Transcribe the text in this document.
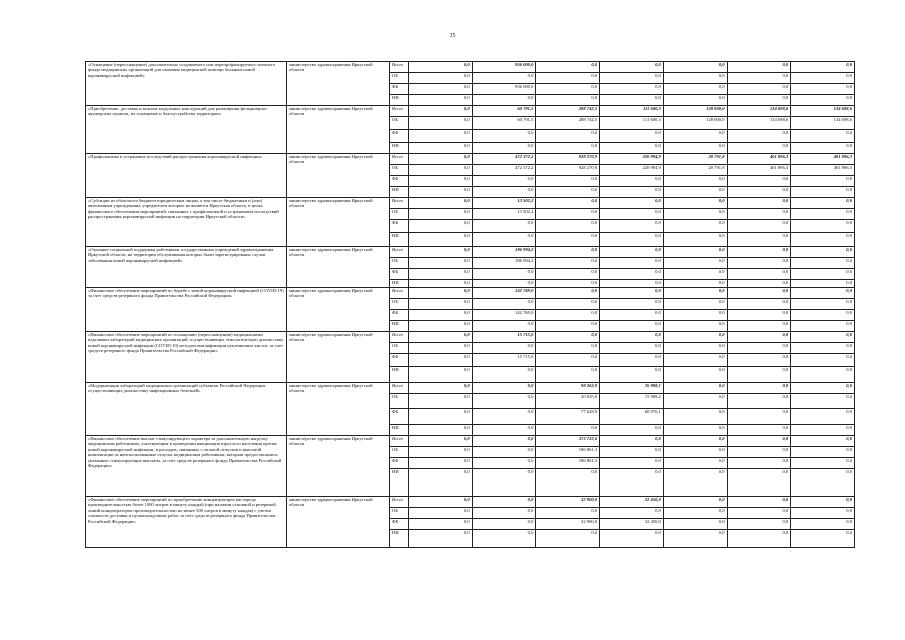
35
«Оснащение (переоснащение) дополнительно создаваемого или перепрофилируемого коечного фонда медицинских организаций для оказания медицинской помощи больным новой коронавирусной инфекцией»	министерство здравоохранения Иркутской области	Всего	0,0	956 000,0	0,0	0,0	0,0	0,0	0,0
		ОБ	0,0	0,0	0,0	0,0	0,0	0,0	0,0
		ФБ	0,0	956 000,0	0,0	0,0	0,0	0,0	0,0
		НИ	0,0	0,0	0,0	0,0	0,0	0,0	0,0
«Приобретение, доставка и монтаж модульных конструкций для размещения фельдшерско-акушерских пунктов, их оснащение и благоустройство территории»	министерство здравоохранения Иркутской области	Всего	0,0	60 791,5	288 742,5	111 600,3	128 000,0	134 698,6	134 698,6
		ОБ	0,0	60 791,5	288 742,5	111 600,3	128 000,0	134 698,6	134 698,6
		ФБ	0,0	0,0	0,0	0,0	0,0	0,0	0,0
		НИ	0,0	0,0	0,0	0,0	0,0	0,0	0,0
«Профилактика и устранение последствий распространения коронавирусной инфекции»	министерство здравоохранения Иркутской области	Всего	0,0	472 372,2	928 270,9	220 994,9	20 791,8	401 896,3	401 896,3
		ОБ	0,0	472 372,2	928 270,9	220 994,9	20 791,8	401 896,3	401 896,3
		ФБ	0,0	0,0	0,0	0,0	0,0	0,0	0,0
		НИ	0,0	0,0	0,0	0,0	0,0	0,0	0,0
«Субсидии из областного бюджета юридическим лицам, а том числе бюджетным и (или) автономным учреждениям, учредителем которых не является Иркутская область, в целях финансового обеспечения мероприятий, связанных с профилактикой и устранением последствий распространения коронавирусной инфекции на территории Иркутской области»	министерство здравоохранения Иркутской области	Всего	0,0	13 502,2	0,0	0,0	0,0	0,0	0,0
		ОБ	0,0	13 502,2	0,0	0,0	0,0	0,0	0,0
		ФБ	0,0	0,0	0,0	0,0	0,0	0,0	0,0
		НИ	0,0	0,0	0,0	0,0	0,0	0,0	0,0
«Оказание социальной поддержки работникам государственных учреждений здравоохранения Иркутской области, на территории обслуживания которых были зарегистрированы случаи заболевания новой коронавирусной инфекцией»	министерство здравоохранения Иркутской области	Всего	0,0	186 994,2	0,0	0,0	0,0	0,0	0,0
		ОБ	0,0	186 994,2	0,0	0,0	0,0	0,0	0,0
		ФБ	0,0	0,0	0,0	0,0	0,0	0,0	0,0
		НИ	0,0	0,0	0,0	0,0	0,0	0,0	0,0
«Финансовое обеспечение мероприятий по борьбе с новой коронавирусной инфекцией (COVID-19) за счет средств резервного фонда Правительства Российской Федерации»	министерство здравоохранения Иркутской области	Всего	0,0	142 769,0	0,0	0,0	0,0	0,0	0,0
		ОБ	0,0	0,0	0,0	0,0	0,0	0,0	0,0
		ФБ	0,0	142 769,0	0,0	0,0	0,0	0,0	0,0
		НИ	0,0	0,0	0,0	0,0	0,0	0,0	0,0
«Финансовое обеспечение мероприятий по оснащению (переоснащению) медицинскими изделиями лабораторий медицинских организаций, осуществляющих этиологическую диагностику новой коронавирусной инфекции (COVID-19) методом амплификации нуклеиновых кислот, за счет средств резервного фонда Правительства Российской Федерации»	министерство здравоохранения Иркутской области	Всего	0,0	15 715,0	0,0	0,0	0,0	0,0	0,0
		ОБ	0,0	0,0	0,0	0,0	0,0	0,0	0,0
		ФБ	0,0	15 715,0	0,0	0,0	0,0	0,0	0,0
		НИ	0,0	0,0	0,0	0,0	0,0	0,0	0,0
«Модернизация лабораторий медицинских организаций субъектов Российской Федерации, осуществляющих диагностику инфекционных болезней»	министерство здравоохранения Иркутской области	Всего	0,0	0,0	98 263,9	76 988,1	0,0	0,0	0,0
		ОБ	0,0	0,0	20 635,0	15 988,2	0,0	0,0	0,0
		ФБ	0,0	0,0	77 628,9	60 070,1	0,0	0,0	0,0
		НИ	0,0	0,0	0,0	0,0	0,0	0,0	0,0
«Финансовое обеспечение выплат стимулирующего характера за дополнительную нагрузку медицинским работникам, участвующим в проведении вакцинации взрослого населения против новой коронавирусной инфекции, и расходов, связанных с оплатой отпусков и выплатой компенсации за неиспользованные отпуска медицинским работникам, которым предоставлялись указанные стимулирующие выплаты, за счет средств резервного фонда Правительства Российской Федерации»	министерство здравоохранения Иркутской области	Всего	0,0	0,0	373 722,6	0,0	0,0	0,0	0,0
		ОБ	0,0	0,0	186 861,3	0,0	0,0	0,0	0,0
		ФБ	0,0	0,0	186 861,3	0,0	0,0	0,0	0,0
		НИ	0,0	0,0	0,0	0,0	0,0	0,0	0,0
«Финансовое обеспечение мероприятий по приобретению концентраторов кислорода производительностью более 1000 литров в минуту каждый (при наличии основной и резервной линий концентраторов производительностью не менее 500 литров в минуту каждая) с учетом стоимости доставки и пусконаладочных работ за счет средств резервного фонда Правительства Российской Федерации»	министерство здравоохранения Иркутской области	Всего	0,0	0,0	32 900,0	32 450,0	0,0	0,0	0,0
		ОБ	0,0	0,0	0,0	0,0	0,0	0,0	0,0
		ФБ	0,0	0,0	32 900,0	32 450,0	0,0	0,0	0,0
		НИ	0,0	0,0	0,0	0,0	0,0	0,0	0,0
